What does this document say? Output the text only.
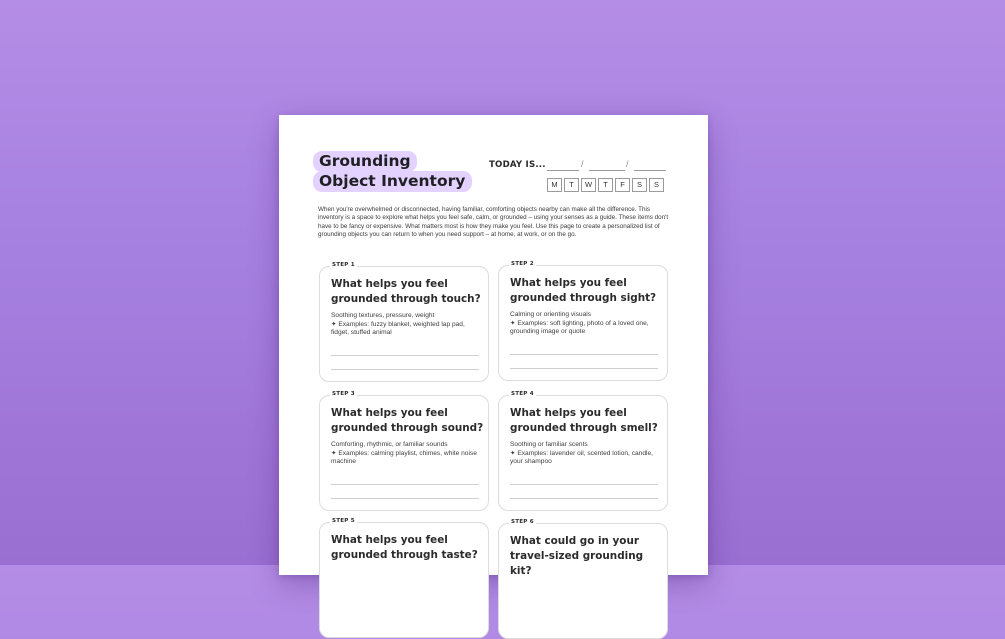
Grounding
Object Inventory
TODAY IS...	/	/
M	T	W	T	F	S	S

When you're overwhelmed or disconnected, having familiar, comforting objects nearby can make all the difference. This inventory is a space to explore what helps you feel safe, calm, or grounded – using your senses as a guide. These items don't have to be fancy or expensive. What matters most is how they make you feel. Use this page to create a personalized list of grounding objects you can return to when you need support – at home, at work, or on the go.

STEP 1
What helps you feel grounded through touch?
Soothing textures, pressure, weight
✦ Examples: fuzzy blanket, weighted lap pad, fidget, stuffed animal
STEP 2
What helps you feel grounded through sight?
Calming or orienting visuals
✦ Examples: soft lighting, photo of a loved one, grounding image or quote
STEP 3
What helps you feel grounded through sound?
Comforting, rhythmic, or familiar sounds
✦ Examples: calming playlist, chimes, white noise machine
STEP 4
What helps you feel grounded through smell?
Soothing or familiar scents
✦ Examples: lavender oil, scented lotion, candle, your shampoo
STEP 5
What helps you feel grounded through taste?
STEP 6
What could go in your travel-sized grounding kit?
